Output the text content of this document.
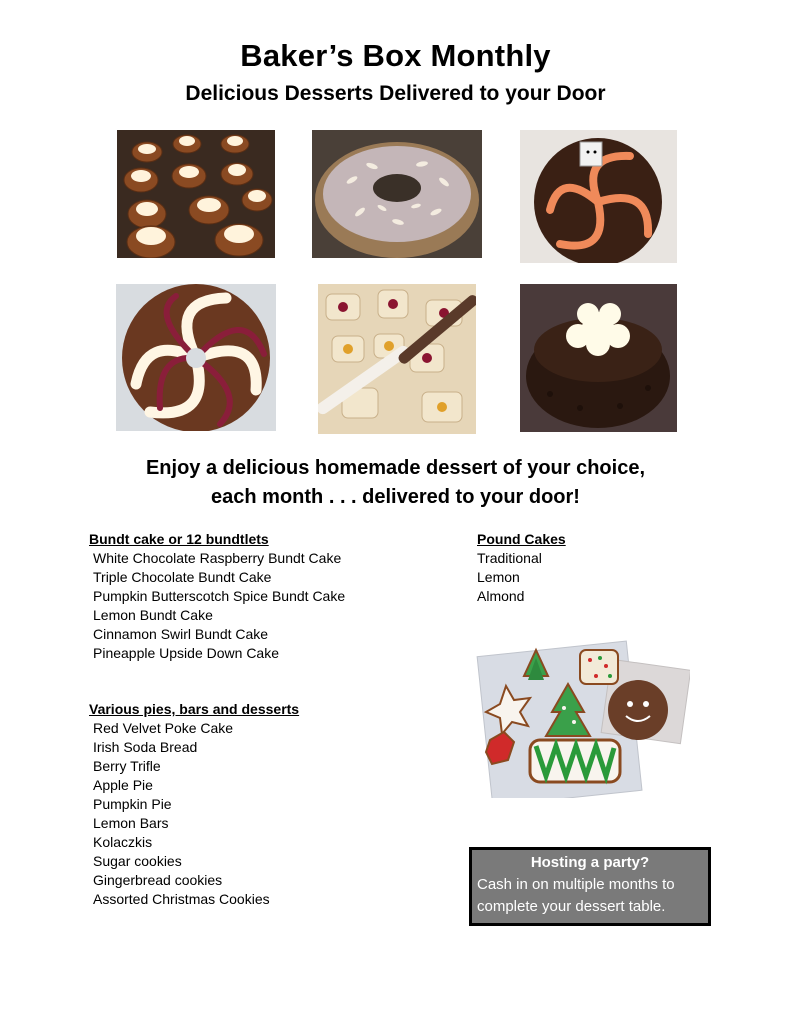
Baker’s Box Monthly
Delicious Desserts Delivered to your Door
Enjoy a delicious homemade dessert of your choice,
each month . . . delivered to your door!
Bundt cake or 12 bundtlets
White Chocolate Raspberry Bundt Cake
Triple Chocolate Bundt Cake
Pumpkin Butterscotch Spice Bundt Cake
Lemon Bundt Cake
Cinnamon Swirl Bundt Cake
Pineapple Upside Down Cake
Various pies, bars and desserts
Red Velvet Poke Cake
Irish Soda Bread
Berry Trifle
Apple Pie
Pumpkin Pie
Lemon Bars
Kolaczkis
Sugar cookies
Gingerbread cookies
Assorted Christmas Cookies
Pound Cakes
Traditional
Lemon
Almond
Hosting a party?
Cash in on multiple months to
complete your dessert table.
